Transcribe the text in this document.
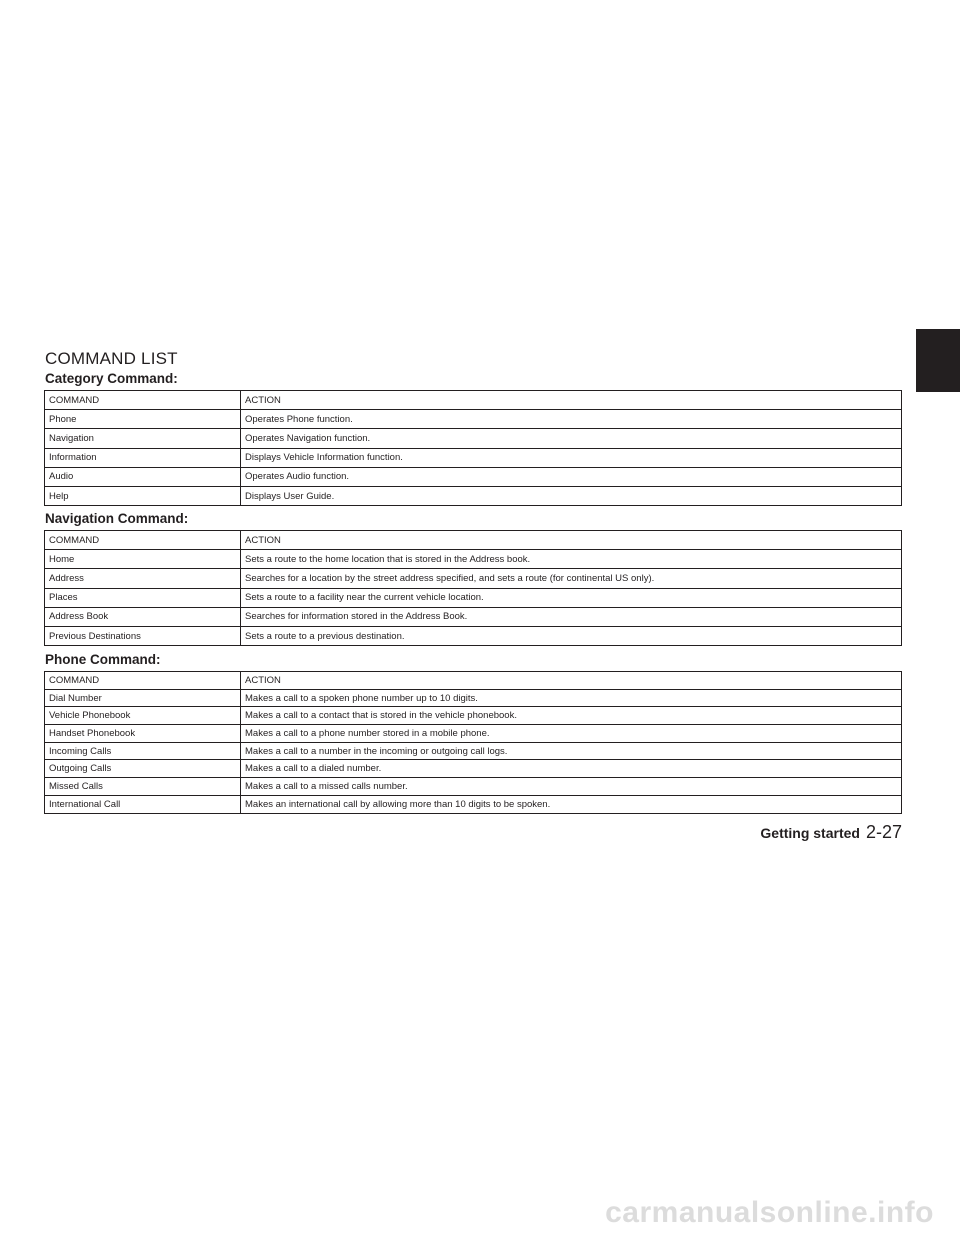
COMMAND LIST
Category Command:
COMMAND	ACTION
Phone	Operates Phone function.
Navigation	Operates Navigation function.
Information	Displays Vehicle Information function.
Audio	Operates Audio function.
Help	Displays User Guide.
Navigation Command:
COMMAND	ACTION
Home	Sets a route to the home location that is stored in the Address book.
Address	Searches for a location by the street address specified, and sets a route (for continental US only).
Places	Sets a route to a facility near the current vehicle location.
Address Book	Searches for information stored in the Address Book.
Previous Destinations	Sets a route to a previous destination.
Phone Command:
COMMAND	ACTION
Dial Number	Makes a call to a spoken phone number up to 10 digits.
Vehicle Phonebook	Makes a call to a contact that is stored in the vehicle phonebook.
Handset Phonebook	Makes a call to a phone number stored in a mobile phone.
Incoming Calls	Makes a call to a number in the incoming or outgoing call logs.
Outgoing Calls	Makes a call to a dialed number.
Missed Calls	Makes a call to a missed calls number.
International Call	Makes an international call by allowing more than 10 digits to be spoken.
Getting started 2-27
carmanualsonline.info
